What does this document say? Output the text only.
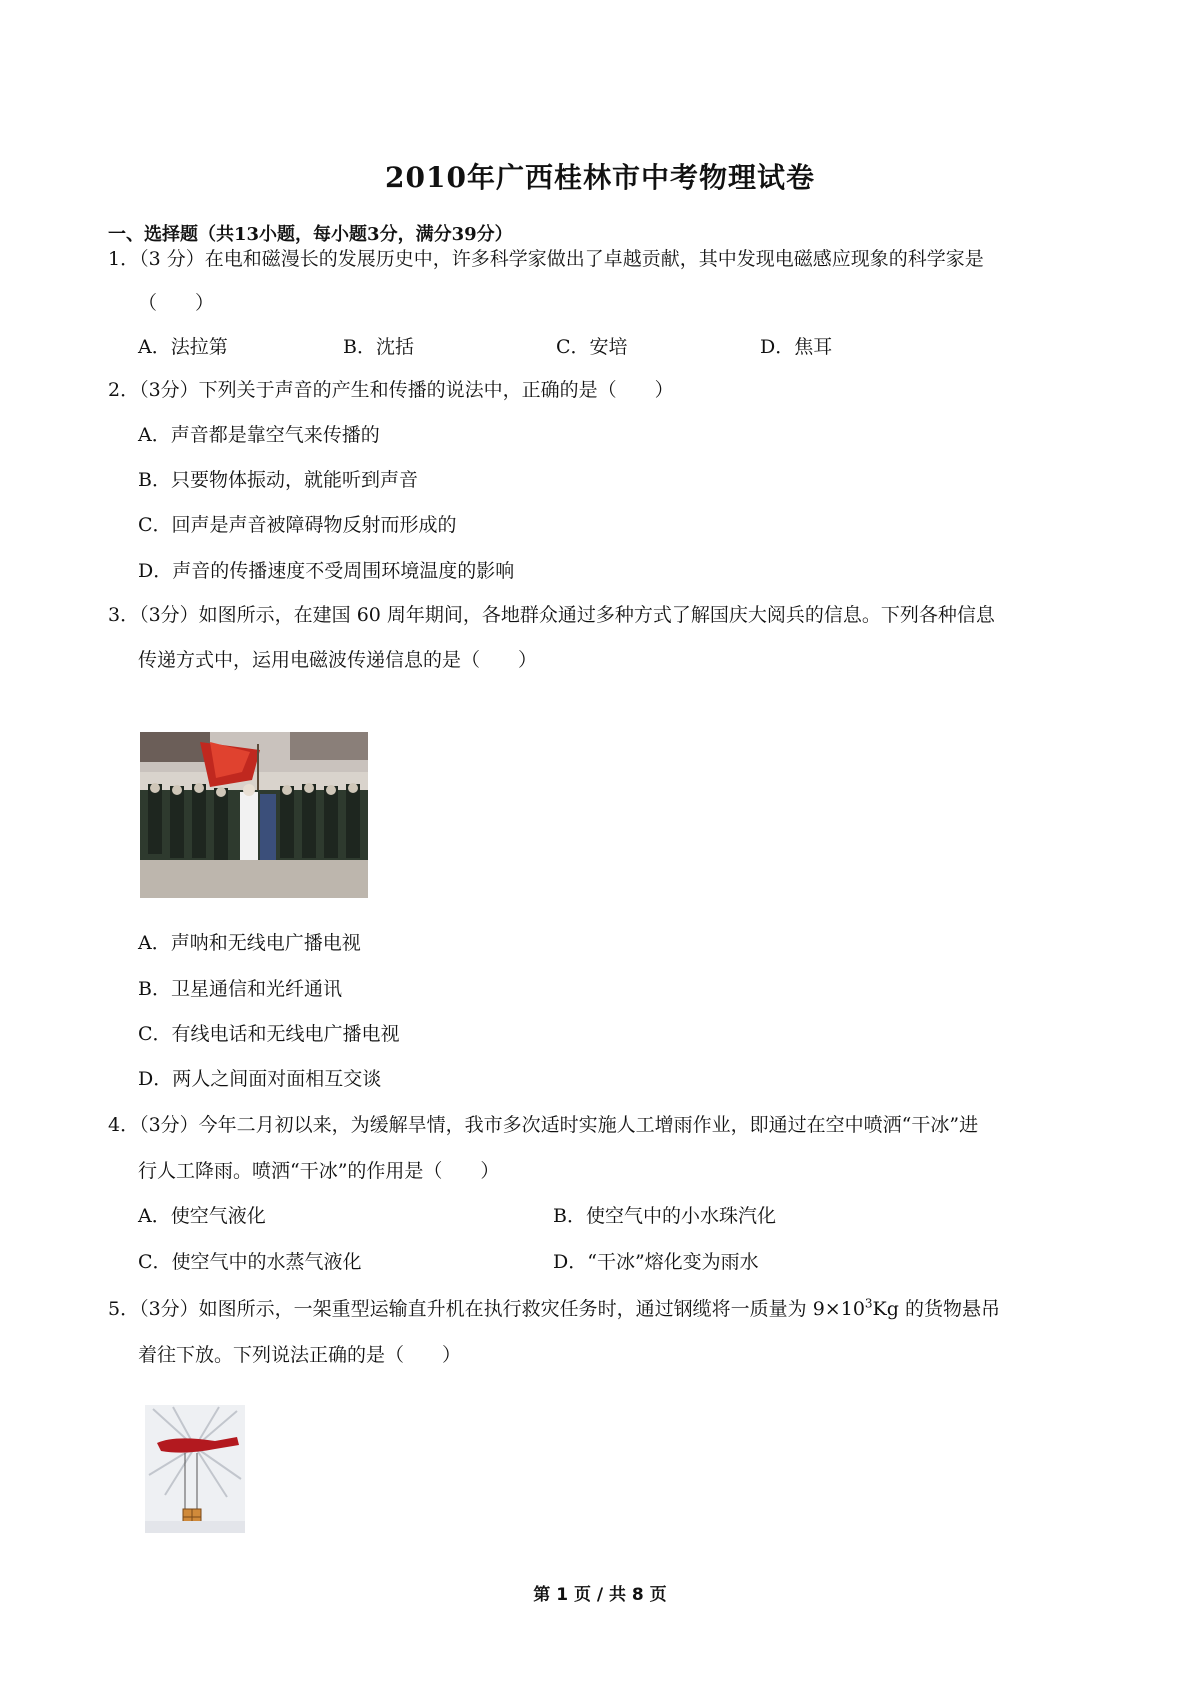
2010年广西桂林市中考物理试卷
一、选择题（共13小题，每小题3分，满分39分）
1．（3 分）在电和磁漫长的发展历史中，许多科学家做出了卓越贡献，其中发现电磁感应现象的科学家是
（　　）
A．法拉第	B．沈括	C．安培	D．焦耳
2．（3分）下列关于声音的产生和传播的说法中，正确的是（　　）
A．声音都是靠空气来传播的
B．只要物体振动，就能听到声音
C．回声是声音被障碍物反射而形成的
D．声音的传播速度不受周围环境温度的影响
3．（3分）如图所示，在建国 60 周年期间，各地群众通过多种方式了解国庆大阅兵的信息。下列各种信息
传递方式中，运用电磁波传递信息的是（　　）
A．声呐和无线电广播电视
B．卫星通信和光纤通讯
C．有线电话和无线电广播电视
D．两人之间面对面相互交谈
4．（3分）今年二月初以来，为缓解旱情，我市多次适时实施人工增雨作业，即通过在空中喷洒“干冰”进
行人工降雨。喷洒“干冰”的作用是（　　）
A．使空气液化	B．使空气中的小水珠汽化
C．使空气中的水蒸气液化	D．“干冰”熔化变为雨水
5．（3分）如图所示，一架重型运输直升机在执行救灾任务时，通过钢缆将一质量为 $9\times 10^3Kg$ 的货物悬吊
着往下放。下列说法正确的是（　　）
第 1 页 / 共 8 页
